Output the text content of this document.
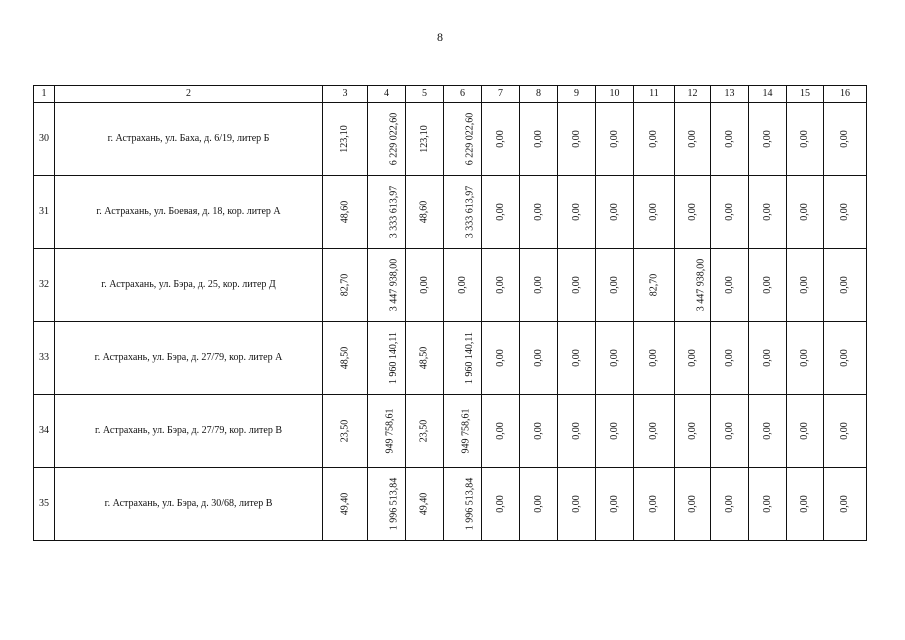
8
1	2	3	4	5	6	7	8	9	10	11	12	13	14	15	16
30	г. Астрахань, ул. Баха, д. 6/19, литер Б	123,10	6 229 022,60	123,10	6 229 022,60	0,00	0,00	0,00	0,00	0,00	0,00	0,00	0,00	0,00	0,00
31	г. Астрахань, ул. Боевая, д. 18, кор. литер А	48,60	3 333 613,97	48,60	3 333 613,97	0,00	0,00	0,00	0,00	0,00	0,00	0,00	0,00	0,00	0,00
32	г. Астрахань, ул. Бэра, д. 25, кор. литер Д	82,70	3 447 938,00	0,00	0,00	0,00	0,00	0,00	0,00	82,70	3 447 938,00	0,00	0,00	0,00	0,00
33	г. Астрахань, ул. Бэра, д. 27/79, кор. литер А	48,50	1 960 140,11	48,50	1 960 140,11	0,00	0,00	0,00	0,00	0,00	0,00	0,00	0,00	0,00	0,00
34	г. Астрахань, ул. Бэра, д. 27/79, кор. литер В	23,50	949 758,61	23,50	949 758,61	0,00	0,00	0,00	0,00	0,00	0,00	0,00	0,00	0,00	0,00
35	г. Астрахань, ул. Бэра, д. 30/68, литер В	49,40	1 996 513,84	49,40	1 996 513,84	0,00	0,00	0,00	0,00	0,00	0,00	0,00	0,00	0,00	0,00
